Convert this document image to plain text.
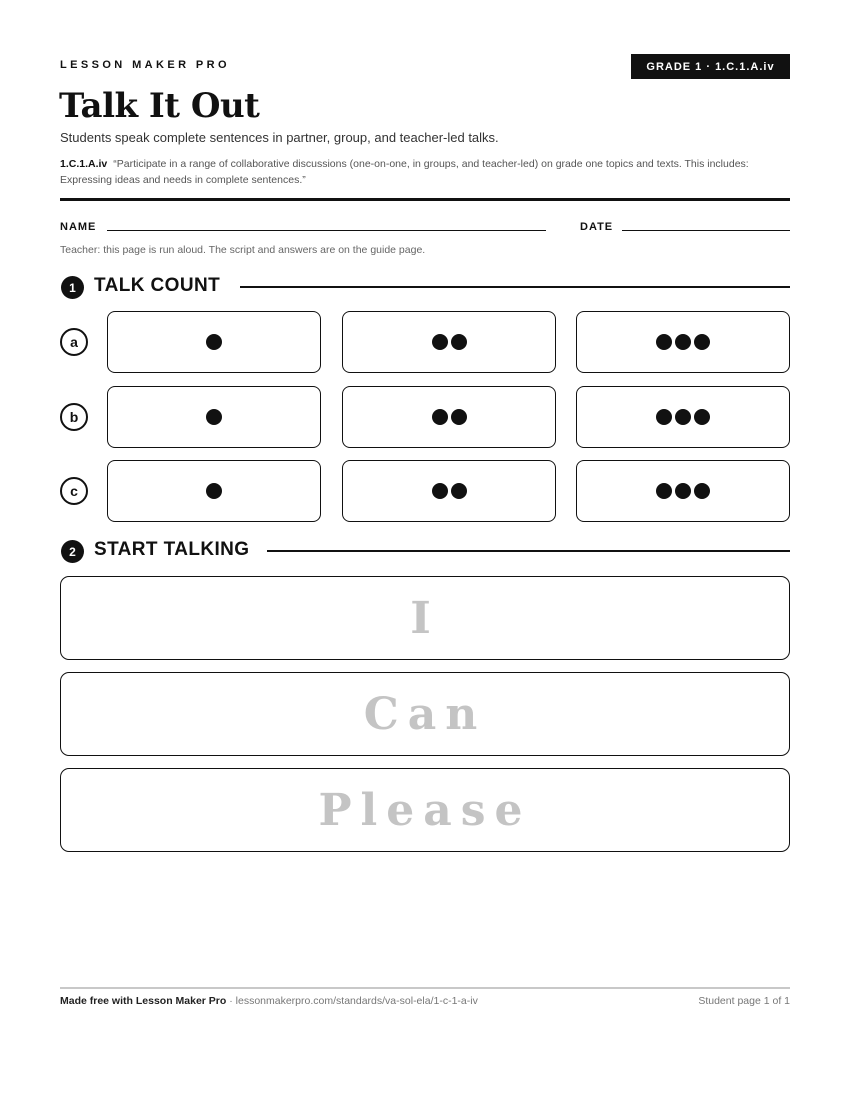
LESSON MAKER PRO	GRADE 1 · 1.C.1.A.iv
Talk It Out

Students speak complete sentences in partner, group, and teacher-led talks.

1.C.1.A.iv “Participate in a range of collaborative discussions (one-on-one, in groups, and teacher-led) on grade one topics and texts. This includes: Expressing ideas and needs in complete sentences.”

NAME	DATE

Teacher: this page is run aloud. The script and answers are on the guide page.

1 TALK COUNT
a
b
c
2 START TALKING
I
Can
Please

Made free with Lesson Maker Pro · lessonmakerpro.com/standards/va-sol-ela/1-c-1-a-iv	Student page 1 of 1
